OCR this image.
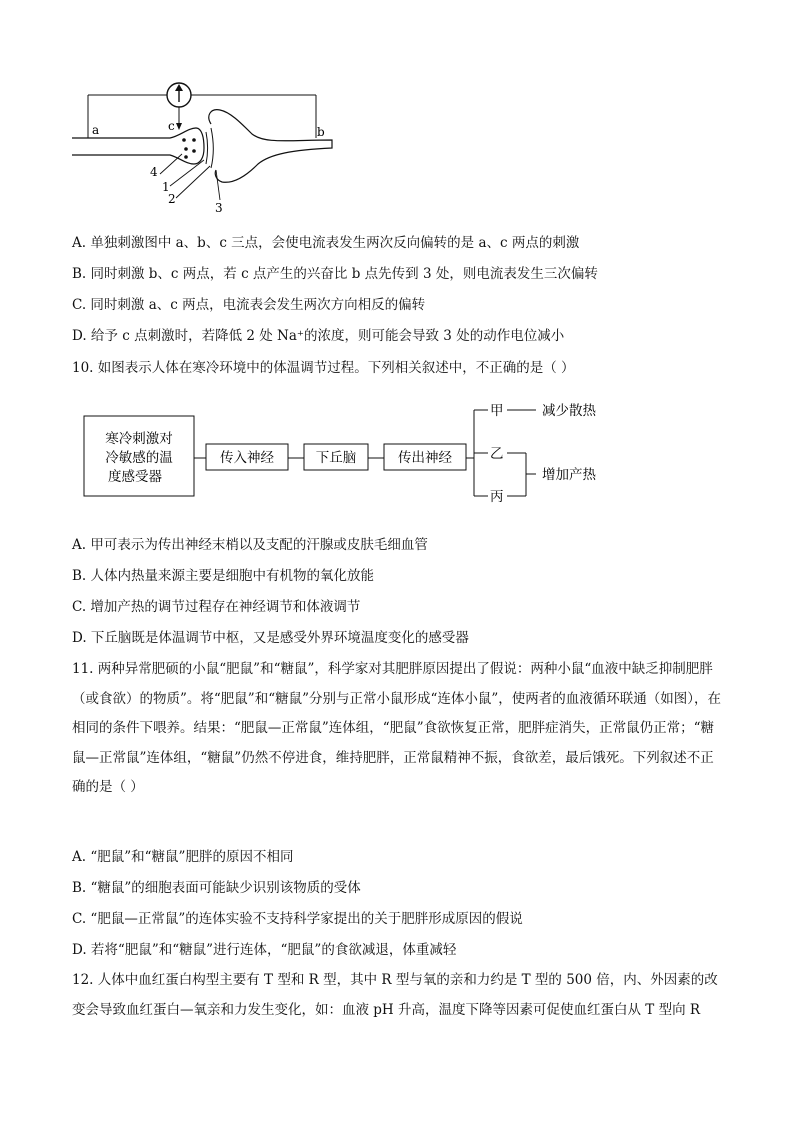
a	b
c
4
1
2
3
A. 单独刺激图中 a、b、c 三点，会使电流表发生两次反向偏转的是 a、c 两点的刺激
B. 同时刺激 b、c 两点，若 c 点产生的兴奋比 b 点先传到 3 处，则电流表发生三次偏转
C. 同时刺激 a、c 两点，电流表会发生两次方向相反的偏转
D. 给予 c 点刺激时，若降低 2 处 Na⁺的浓度，则可能会导致 3 处的动作电位减小
10. 如图表示人体在寒冷环境中的体温调节过程。下列相关叙述中，不正确的是（ ）
寒冷刺激对
冷敏感的温
度感受器
传入神经	下丘脑	传出神经
甲
乙
丙
减少散热
增加产热
A. 甲可表示为传出神经末梢以及支配的汗腺或皮肤毛细血管
B. 人体内热量来源主要是细胞中有机物的氧化放能
C. 增加产热的调节过程存在神经调节和体液调节
D. 下丘脑既是体温调节中枢，又是感受外界环境温度变化的感受器
11. 两种异常肥硕的小鼠“肥鼠”和“糖鼠”，科学家对其肥胖原因提出了假说：两种小鼠“血液中缺乏抑制肥胖（或食欲）的物质”。将“肥鼠”和“糖鼠”分别与正常小鼠形成“连体小鼠”，使两者的血液循环联通（如图），在相同的条件下喂养。结果：“肥鼠—正常鼠”连体组，“肥鼠”食欲恢复正常，肥胖症消失，正常鼠仍正常；“糖鼠—正常鼠”连体组，“糖鼠”仍然不停进食，维持肥胖，正常鼠精神不振，食欲差，最后饿死。下列叙述不正确的是（ ）
A. “肥鼠”和“糖鼠”肥胖的原因不相同
B. “糖鼠”的细胞表面可能缺少识别该物质的受体
C. “肥鼠—正常鼠”的连体实验不支持科学家提出的关于肥胖形成原因的假说
D. 若将“肥鼠”和“糖鼠”进行连体，“肥鼠”的食欲减退，体重减轻
12. 人体中血红蛋白构型主要有 T 型和 R 型，其中 R 型与氧的亲和力约是 T 型的 500 倍，内、外因素的改变会导致血红蛋白—氧亲和力发生变化，如：血液 pH 升高，温度下降等因素可促使血红蛋白从 T 型向 R
